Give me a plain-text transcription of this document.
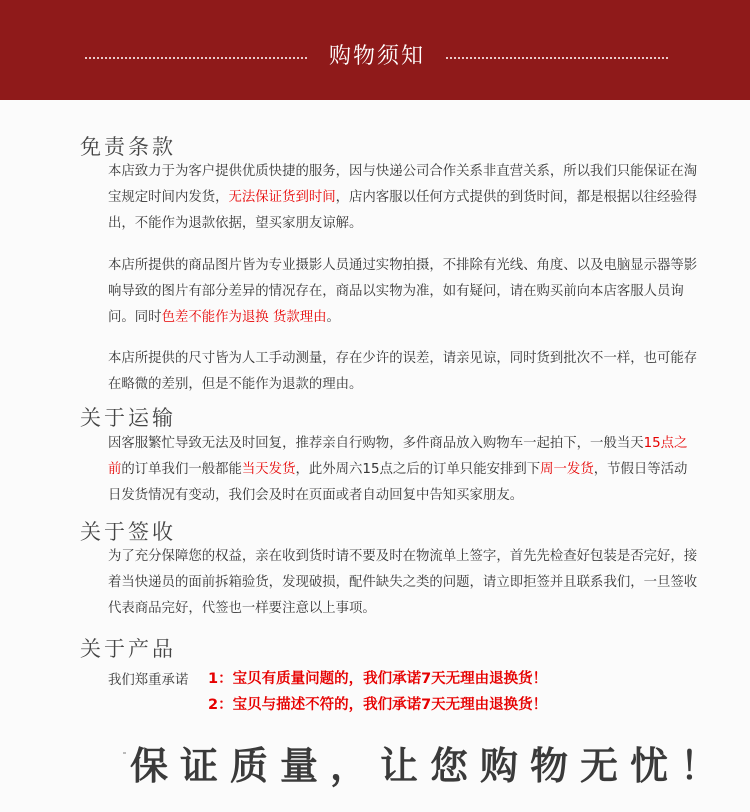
购物须知
免责条款
本店致力于为客户提供优质快捷的服务，因与快递公司合作关系非直营关系，所以我们只能保证在淘宝规定时间内发货，无法保证货到时间，店内客服以任何方式提供的到货时间，都是根据以往经验得出，不能作为退款依据，望买家朋友谅解。
本店所提供的商品图片皆为专业摄影人员通过实物拍摄，不排除有光线、角度、以及电脑显示器等影响导致的图片有部分差异的情况存在，商品以实物为准，如有疑问，请在购买前向本店客服人员询问。同时色差不能作为退换 货款理由。
本店所提供的尺寸皆为人工手动测量，存在少许的误差，请亲见谅，同时货到批次不一样，也可能存在略微的差别，但是不能作为退款的理由。
关于运输
因客服繁忙导致无法及时回复，推荐亲自行购物，多件商品放入购物车一起拍下，一般当天15点之前的订单我们一般都能当天发货，此外周六15点之后的订单只能安排到下周一发货，节假日等活动日发货情况有变动，我们会及时在页面或者自动回复中告知买家朋友。
关于签收
为了充分保障您的权益，亲在收到货时请不要及时在物流单上签字，首先先检查好包装是否完好，接着当快递员的面前拆箱验货，发现破损，配件缺失之类的问题，请立即拒签并且联系我们，一旦签收代表商品完好，代签也一样要注意以上事项。
关于产品
我们郑重承诺 1：宝贝有质量问题的，我们承诺7天无理由退换货！
2：宝贝与描述不符的，我们承诺7天无理由退换货！
保证质量，让您购物无忧！
